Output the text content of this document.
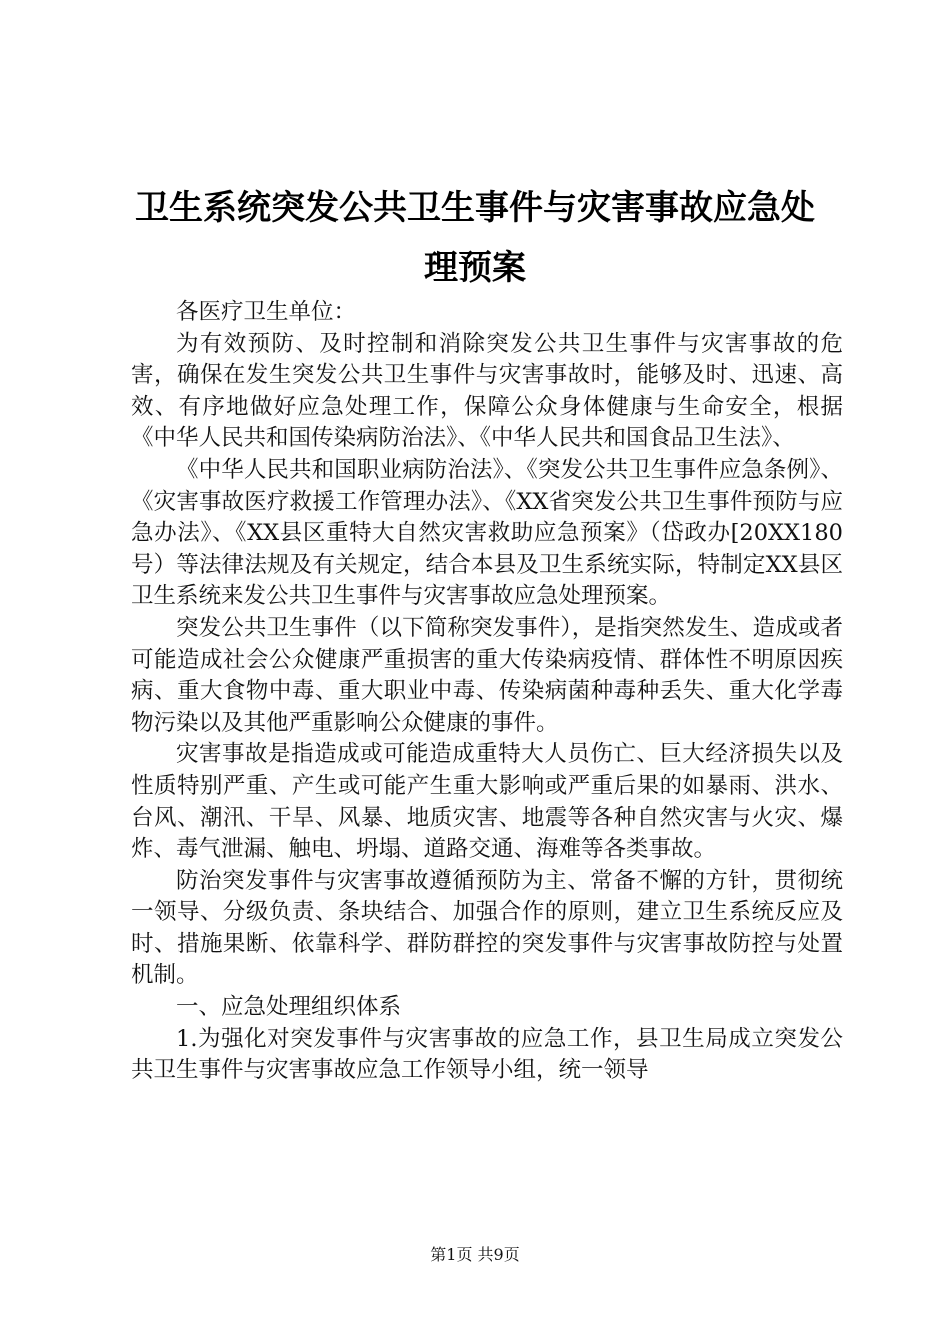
卫生系统突发公共卫生事件与灾害事故应急处
理预案

各医疗卫生单位：

为有效预防、及时控制和消除突发公共卫生事件与灾害事故的危害，确保在发生突发公共卫生事件与灾害事故时，能够及时、迅速、高效、有序地做好应急处理工作，保障公众身体健康与生命安全，根据《中华人民共和国传染病防治法》、《中华人民共和国食品卫生法》、

《中华人民共和国职业病防治法》、《突发公共卫生事件应急条例》、《灾害事故医疗救援工作管理办法》、《XX省突发公共卫生事件预防与应急办法》、《XX县区重特大自然灾害救助应急预案》（岱政办[20XX180号）等法律法规及有关规定，结合本县及卫生系统实际，特制定XX县区卫生系统来发公共卫生事件与灾害事故应急处理预案。

突发公共卫生事件（以下简称突发事件），是指突然发生、造成或者可能造成社会公众健康严重损害的重大传染病疫情、群体性不明原因疾病、重大食物中毒、重大职业中毒、传染病菌种毒种丢失、重大化学毒物污染以及其他严重影响公众健康的事件。

灾害事故是指造成或可能造成重特大人员伤亡、巨大经济损失以及性质特别严重、产生或可能产生重大影响或严重后果的如暴雨、洪水、台风、潮汛、干旱、风暴、地质灾害、地震等各种自然灾害与火灾、爆炸、毒气泄漏、触电、坍塌、道路交通、海难等各类事故。

防治突发事件与灾害事故遵循预防为主、常备不懈的方针，贯彻统一领导、分级负责、条块结合、加强合作的原则，建立卫生系统反应及时、措施果断、依靠科学、群防群控的突发事件与灾害事故防控与处置机制。

一、应急处理组织体系

1.为强化对突发事件与灾害事故的应急工作，县卫生局成立突发公共卫生事件与灾害事故应急工作领导小组，统一领导

第1页 共9页
